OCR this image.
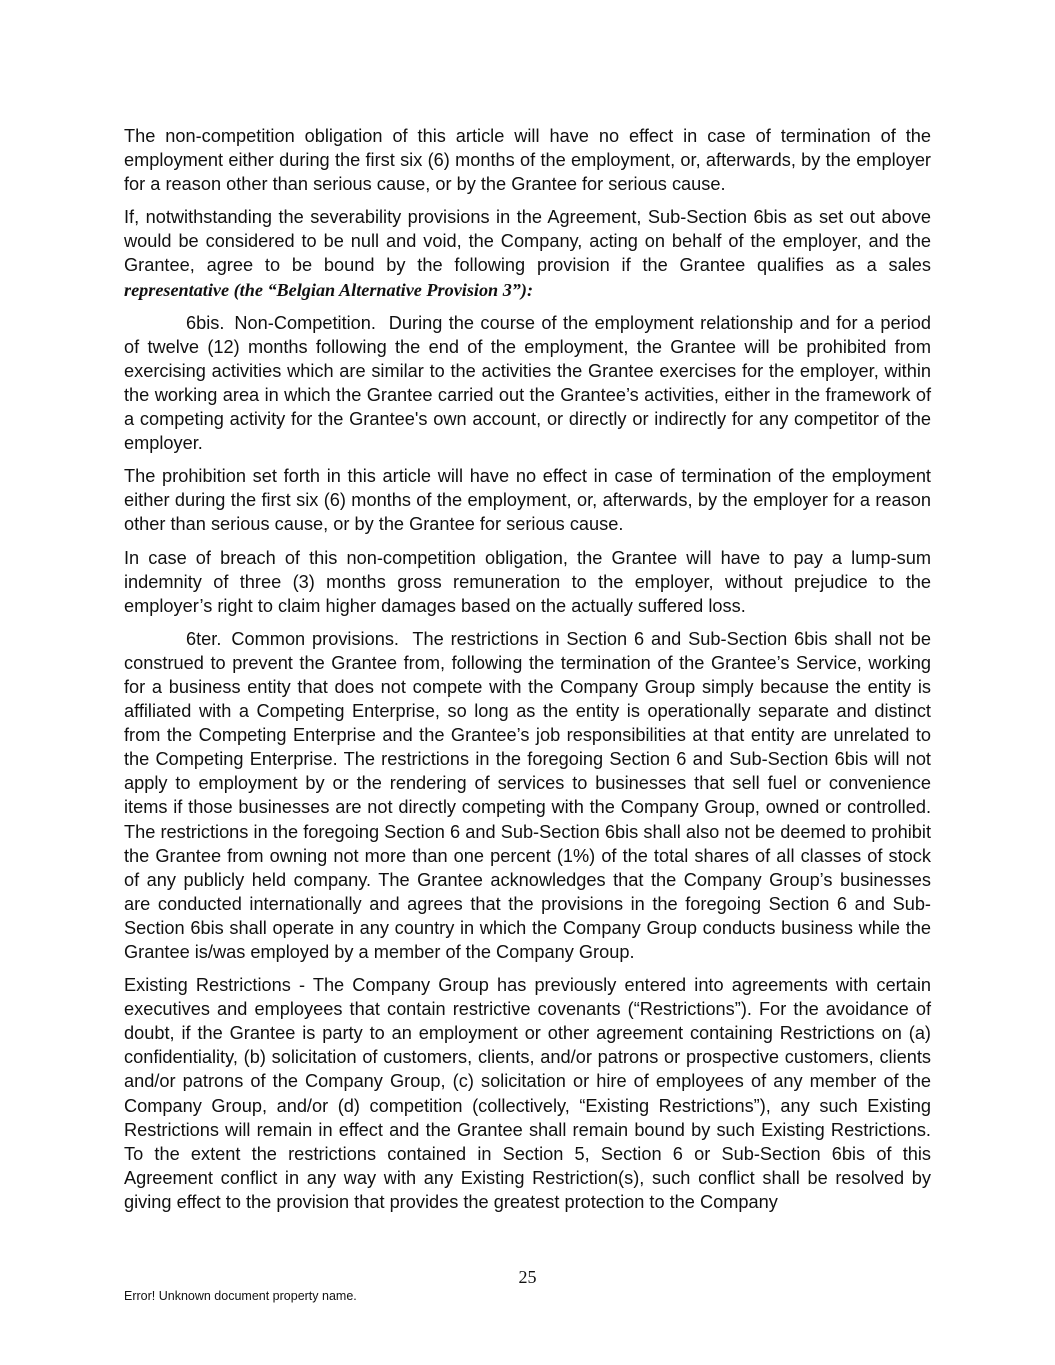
The non-competition obligation of this article will have no effect in case of termination of the employment either during the first six (6) months of the employment, or, afterwards, by the employer for a reason other than serious cause, or by the Grantee for serious cause.

If, notwithstanding the severability provisions in the Agreement, Sub-Section 6bis as set out above would be considered to be null and void, the Company, acting on behalf of the employer, and the Grantee, agree to be bound by the following provision if the Grantee qualifies as a sales representative (the “Belgian Alternative Provision 3”):

6bis. Non-Competition. During the course of the employment relationship and for a period of twelve (12) months following the end of the employment, the Grantee will be prohibited from exercising activities which are similar to the activities the Grantee exercises for the employer, within the working area in which the Grantee carried out the Grantee’s activities, either in the framework of a competing activity for the Grantee's own account, or directly or indirectly for any competitor of the employer.

The prohibition set forth in this article will have no effect in case of termination of the employment either during the first six (6) months of the employment, or, afterwards, by the employer for a reason other than serious cause, or by the Grantee for serious cause.

In case of breach of this non-competition obligation, the Grantee will have to pay a lump-sum indemnity of three (3) months gross remuneration to the employer, without prejudice to the employer’s right to claim higher damages based on the actually suffered loss.

6ter. Common provisions. The restrictions in Section 6 and Sub-Section 6bis shall not be construed to prevent the Grantee from, following the termination of the Grantee’s Service, working for a business entity that does not compete with the Company Group simply because the entity is affiliated with a Competing Enterprise, so long as the entity is operationally separate and distinct from the Competing Enterprise and the Grantee’s job responsibilities at that entity are unrelated to the Competing Enterprise. The restrictions in the foregoing Section 6 and Sub-Section 6bis will not apply to employment by or the rendering of services to businesses that sell fuel or convenience items if those businesses are not directly competing with the Company Group, owned or controlled. The restrictions in the foregoing Section 6 and Sub-Section 6bis shall also not be deemed to prohibit the Grantee from owning not more than one percent (1%) of the total shares of all classes of stock of any publicly held company. The Grantee acknowledges that the Company Group’s businesses are conducted internationally and agrees that the provisions in the foregoing Section 6 and Sub-Section 6bis shall operate in any country in which the Company Group conducts business while the Grantee is/was employed by a member of the Company Group.

Existing Restrictions - The Company Group has previously entered into agreements with certain executives and employees that contain restrictive covenants (“Restrictions”). For the avoidance of doubt, if the Grantee is party to an employment or other agreement containing Restrictions on (a) confidentiality, (b) solicitation of customers, clients, and/or patrons or prospective customers, clients and/or patrons of the Company Group, (c) solicitation or hire of employees of any member of the Company Group, and/or (d) competition (collectively, “Existing Restrictions”), any such Existing Restrictions will remain in effect and the Grantee shall remain bound by such Existing Restrictions. To the extent the restrictions contained in Section 5, Section 6 or Sub-Section 6bis of this Agreement conflict in any way with any Existing Restriction(s), such conflict shall be resolved by giving effect to the provision that provides the greatest protection to the Company

25
Error! Unknown document property name.
